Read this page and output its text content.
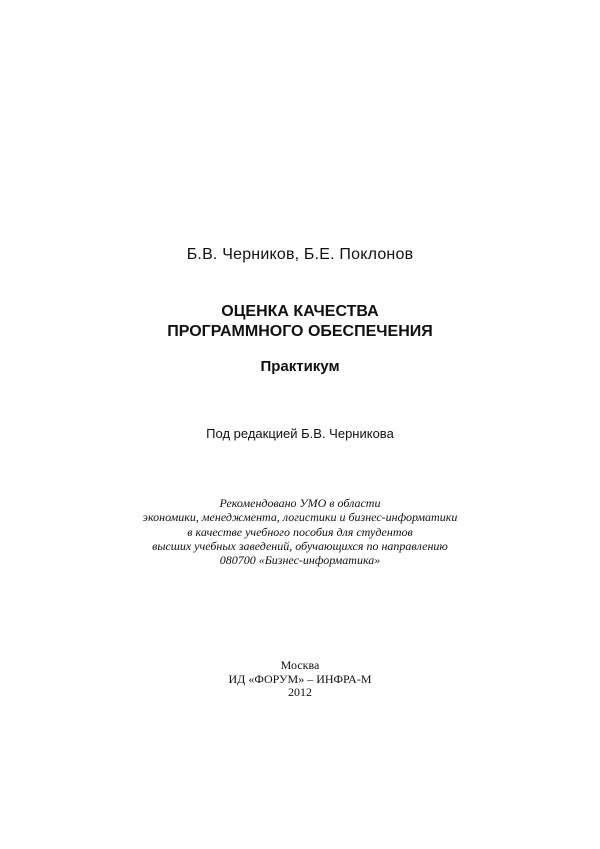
Б.В. Черников, Б.Е. Поклонов
ОЦЕНКА КАЧЕСТВА
ПРОГРАММНОГО ОБЕСПЕЧЕНИЯ
Практикум
Под редакцией Б.В. Черникова
Рекомендовано УМО в области
экономики, менеджмента, логистики и бизнес-информатики
в качестве учебного пособия для студентов
высших учебных заведений, обучающихся по направлению
080700 «Бизнес-информатика»
Москва
ИД «ФОРУМ» – ИНФРА-М
2012
